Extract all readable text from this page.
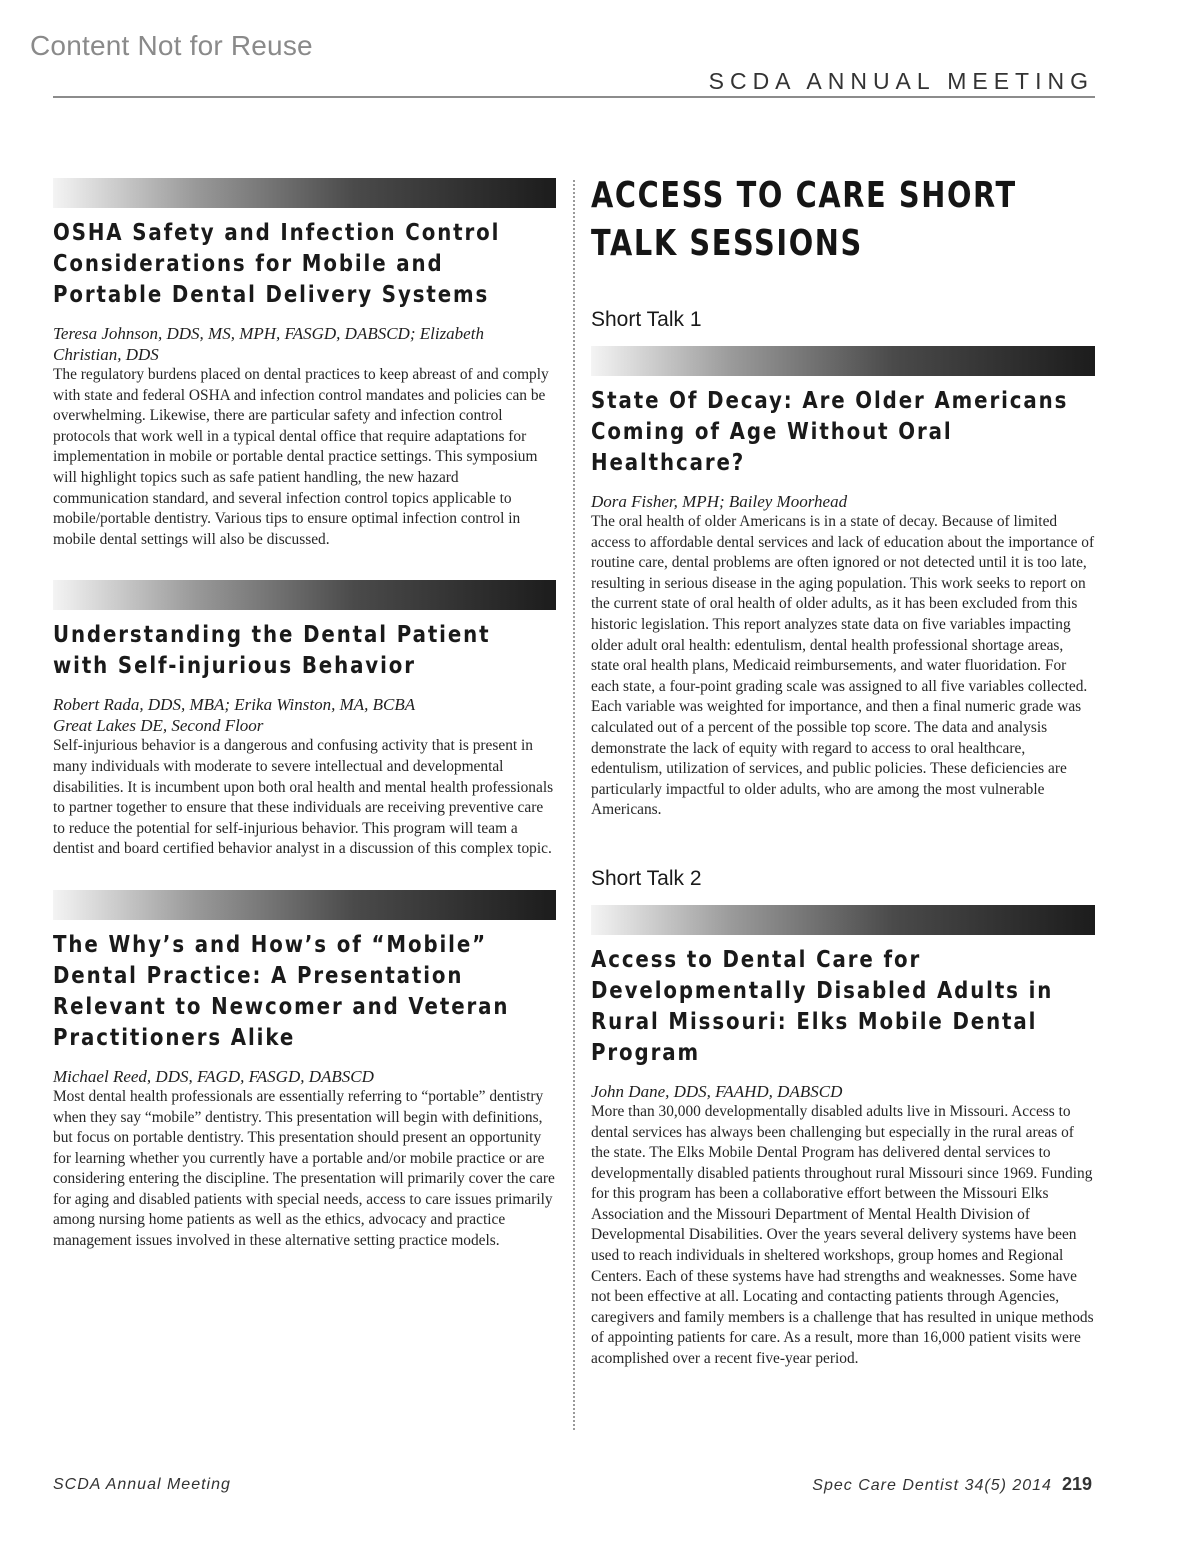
Content Not for Reuse
SCDA ANNUAL MEETING
OSHA Safety and Infection Control Considerations for Mobile and Portable Dental Delivery Systems

Teresa Johnson, DDS, MS, MPH, FASGD, DABSCD; Elizabeth Christian, DDS

The regulatory burdens placed on dental practices to keep abreast of and comply with state and federal OSHA and infection control mandates and policies can be overwhelming. Likewise, there are particular safety and infection control protocols that work well in a typical dental office that require adaptations for implementation in mobile or portable dental practice settings. This symposium will highlight topics such as safe patient handling, the new hazard communication standard, and several infection control topics applicable to mobile/portable dentistry. Various tips to ensure optimal infection control in mobile dental settings will also be discussed.

Understanding the Dental Patient with Self-injurious Behavior

Robert Rada, DDS, MBA; Erika Winston, MA, BCBA

Great Lakes DE, Second Floor

Self-injurious behavior is a dangerous and confusing activity that is present in many individuals with moderate to severe intellectual and developmental disabilities. It is incumbent upon both oral health and mental health professionals to partner together to ensure that these individuals are receiving preventive care to reduce the potential for self-injurious behavior. This program will team a dentist and board certified behavior analyst in a discussion of this complex topic.

The Why’s and How’s of “Mobile” Dental Practice: A Presentation Relevant to Newcomer and Veteran Practitioners Alike

Michael Reed, DDS, FAGD, FASGD, DABSCD

Most dental health professionals are essentially referring to “portable” dentistry when they say “mobile” dentistry. This presentation will begin with definitions, but focus on portable dentistry. This presentation should present an opportunity for learning whether you currently have a portable and/or mobile practice or are considering entering the discipline. The presentation will primarily cover the care for aging and disabled patients with special needs, access to care issues primarily among nursing home patients as well as the ethics, advocacy and practice management issues involved in these alternative setting practice models.

ACCESS TO CARE SHORT TALK SESSIONS

Short Talk 1

State Of Decay: Are Older Americans Coming of Age Without Oral Healthcare?

Dora Fisher, MPH; Bailey Moorhead

The oral health of older Americans is in a state of decay. Because of limited access to affordable dental services and lack of education about the importance of routine care, dental problems are often ignored or not detected until it is too late, resulting in serious disease in the aging population. This work seeks to report on the current state of oral health of older adults, as it has been excluded from this historic legislation. This report analyzes state data on five variables impacting older adult oral health: edentulism, dental health professional shortage areas, state oral health plans, Medicaid reimbursements, and water fluoridation. For each state, a four-point grading scale was assigned to all five variables collected. Each variable was weighted for importance, and then a final numeric grade was calculated out of a percent of the possible top score. The data and analysis demonstrate the lack of equity with regard to access to oral healthcare, edentulism, utilization of services, and public policies. These deficiencies are particularly impactful to older adults, who are among the most vulnerable Americans.

Short Talk 2

Access to Dental Care for Developmentally Disabled Adults in Rural Missouri: Elks Mobile Dental Program

John Dane, DDS, FAAHD, DABSCD

More than 30,000 developmentally disabled adults live in Missouri. Access to dental services has always been challenging but especially in the rural areas of the state. The Elks Mobile Dental Program has delivered dental services to developmentally disabled patients throughout rural Missouri since 1969. Funding for this program has been a collaborative effort between the Missouri Elks Association and the Missouri Department of Mental Health Division of Developmental Disabilities. Over the years several delivery systems have been used to reach individuals in sheltered workshops, group homes and Regional Centers. Each of these systems have had strengths and weaknesses. Some have not been effective at all. Locating and contacting patients through Agencies, caregivers and family members is a challenge that has resulted in unique methods of appointing patients for care. As a result, more than 16,000 patient visits were acomplished over a recent five-year period.

SCDA Annual Meeting	Spec Care Dentist 34(5) 2014 219
